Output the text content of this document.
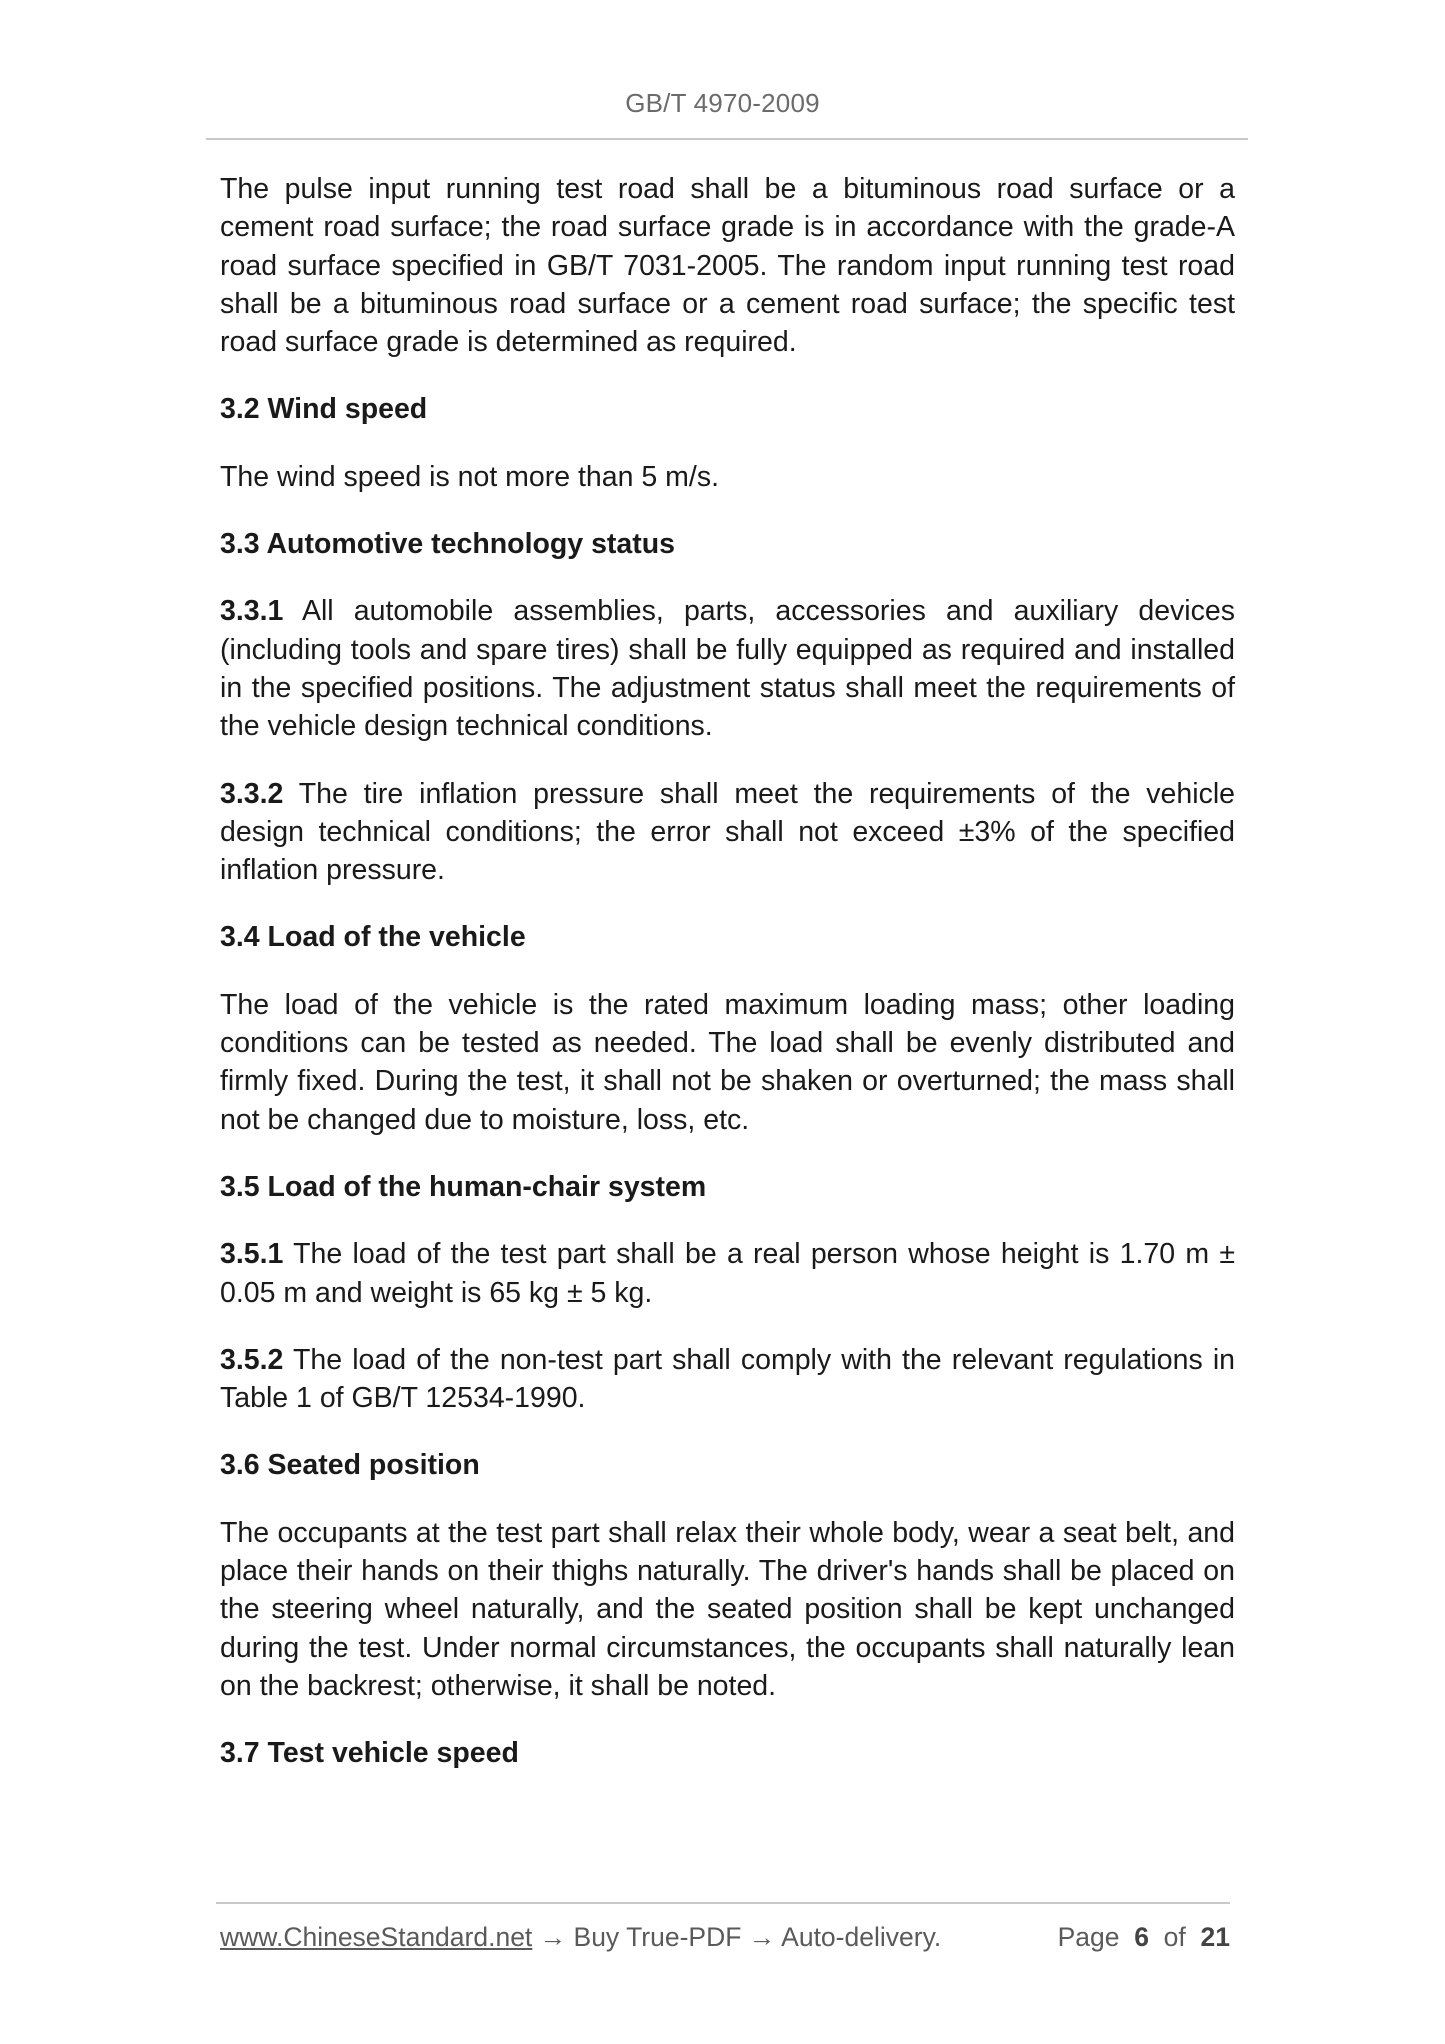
GB/T 4970-2009

The pulse input running test road shall be a bituminous road surface or a cement road surface; the road surface grade is in accordance with the grade-A road surface specified in GB/T 7031-2005. The random input running test road shall be a bituminous road surface or a cement road surface; the specific test road surface grade is determined as required.

3.2 Wind speed

The wind speed is not more than 5 m/s.

3.3 Automotive technology status

3.3.1 All automobile assemblies, parts, accessories and auxiliary devices (including tools and spare tires) shall be fully equipped as required and installed in the specified positions. The adjustment status shall meet the requirements of the vehicle design technical conditions.

3.3.2 The tire inflation pressure shall meet the requirements of the vehicle design technical conditions; the error shall not exceed ±3% of the specified inflation pressure.

3.4 Load of the vehicle

The load of the vehicle is the rated maximum loading mass; other loading conditions can be tested as needed. The load shall be evenly distributed and firmly fixed. During the test, it shall not be shaken or overturned; the mass shall not be changed due to moisture, loss, etc.

3.5 Load of the human-chair system

3.5.1 The load of the test part shall be a real person whose height is 1.70 m ± 0.05 m and weight is 65 kg ± 5 kg.

3.5.2 The load of the non-test part shall comply with the relevant regulations in Table 1 of GB/T 12534-1990.

3.6 Seated position

The occupants at the test part shall relax their whole body, wear a seat belt, and place their hands on their thighs naturally. The driver's hands shall be placed on the steering wheel naturally, and the seated position shall be kept unchanged during the test. Under normal circumstances, the occupants shall naturally lean on the backrest; otherwise, it shall be noted.

3.7 Test vehicle speed
www.ChineseStandard.net → Buy True-PDF → Auto-delivery.	Page 6 of 21
